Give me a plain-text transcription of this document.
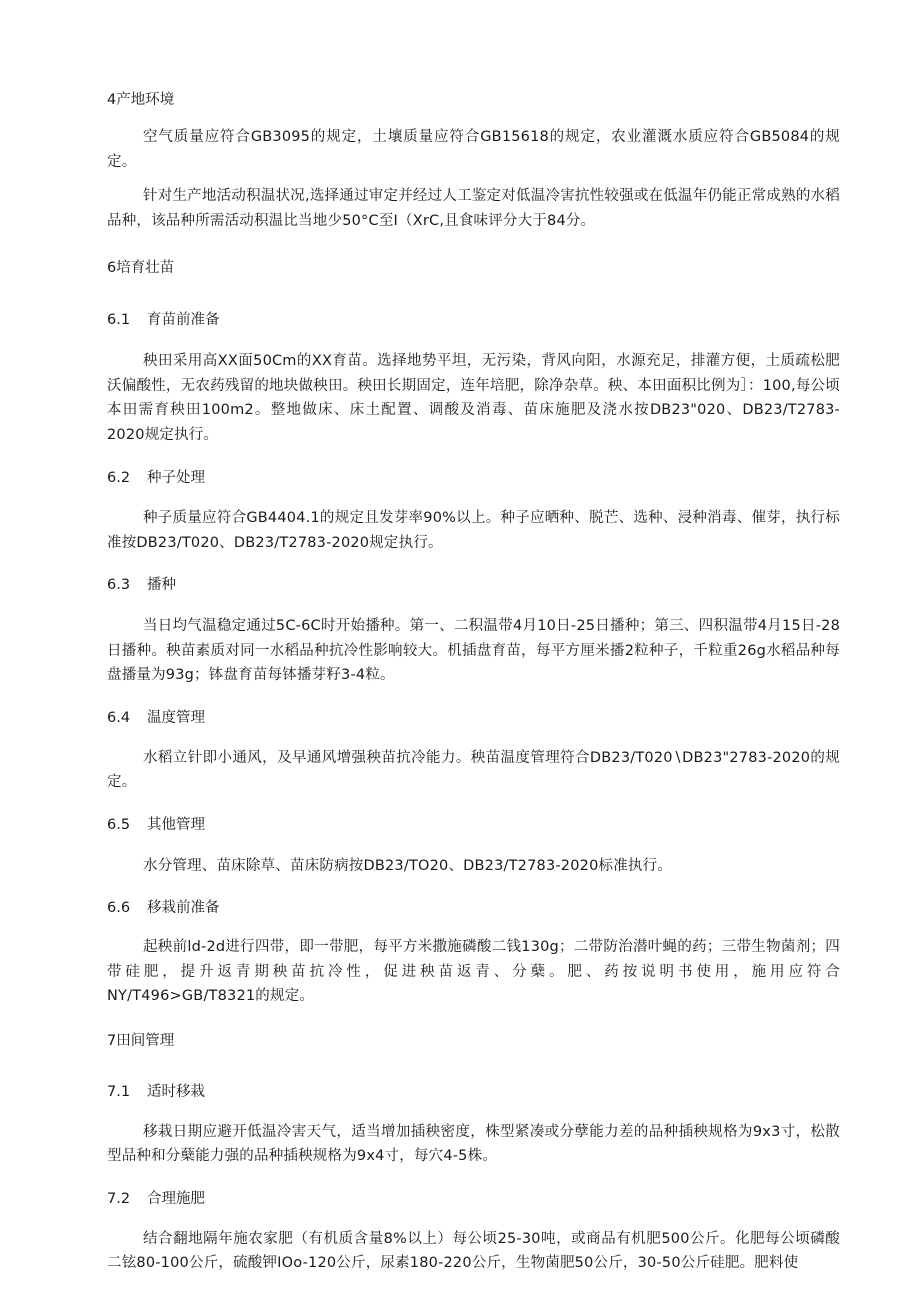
4产地环境

空气质量应符合GB3095的规定，土壤质量应符合GB15618的规定，农业灌溉水质应符合GB5084的规定。

针对生产地活动积温状况,选择通过审定并经过人工鉴定对低温冷害抗性较强或在低温年仍能正常成熟的水稻品种，该品种所需活动积温比当地少50°C至I（XrC,且食味评分大于84分。

6培育壮苗

6.1 育苗前准备

秧田采用高XX面50Cm的XX育苗。选择地势平坦，无污染，背风向阳，水源充足，排灌方便，土质疏松肥沃偏酸性，无农药残留的地块做秧田。秧田长期固定，连年培肥，除净杂草。秧、本田面积比例为］：100,每公顷本田需育秧田100m2。整地做床、床土配置、调酸及消毒、苗床施肥及浇水按DB23"020、DB23/T2783-2020规定执行。

6.2 种子处理

种子质量应符合GB4404.1的规定且发芽率90%以上。种子应晒种、脱芒、选种、浸种消毒、催芽，执行标准按DB23/T020、DB23/T2783-2020规定执行。

6.3 播种

当日均气温稳定通过5C-6C时开始播种。第一、二积温带4月10日-25日播种；第三、四积温带4月15日-28日播种。秧苗素质对同一水稻品种抗冷性影响较大。机插盘育苗，每平方厘米播2粒种子，千粒重26g水稻品种每盘播量为93g；钵盘育苗每钵播芽籽3-4粒。

6.4 温度管理

水稻立针即小通风，及早通风增强秧苗抗冷能力。秧苗温度管理符合DB23∕T020∖DB23"2783-2020的规定。

6.5 其他管理

水分管理、苗床除草、苗床防病按DB23∕TO20、DB23/T2783-2020标准执行。

6.6 移栽前准备

起秧前ld-2d进行四带，即一带肥，每平方米撒施磷酸二钱130g；二带防治潜叶蝇的药；三带生物菌剂；四带硅肥，提升返青期秧苗抗冷性，促进秧苗返青、分蘖。肥、药按说明书使用，施用应符合NY/T496>GB/T8321的规定。

7田间管理

7.1 适时移栽

移栽日期应避开低温冷害天气，适当增加插秧密度，株型紧凑或分孽能力差的品种插秧规格为9x3寸，松散型品种和分蘖能力强的品种插秧规格为9x4寸，每穴4-5株。

7.2 合理施肥

结合翻地隔年施农家肥（有机质含量8%以上）每公顷25-30吨，或商品有机肥500公斤。化肥每公顷磷酸二铉80-100公斤，硫酸钾IOo-120公斤，尿素180-220公斤，生物菌肥50公斤，30-50公斤硅肥。肥料使
